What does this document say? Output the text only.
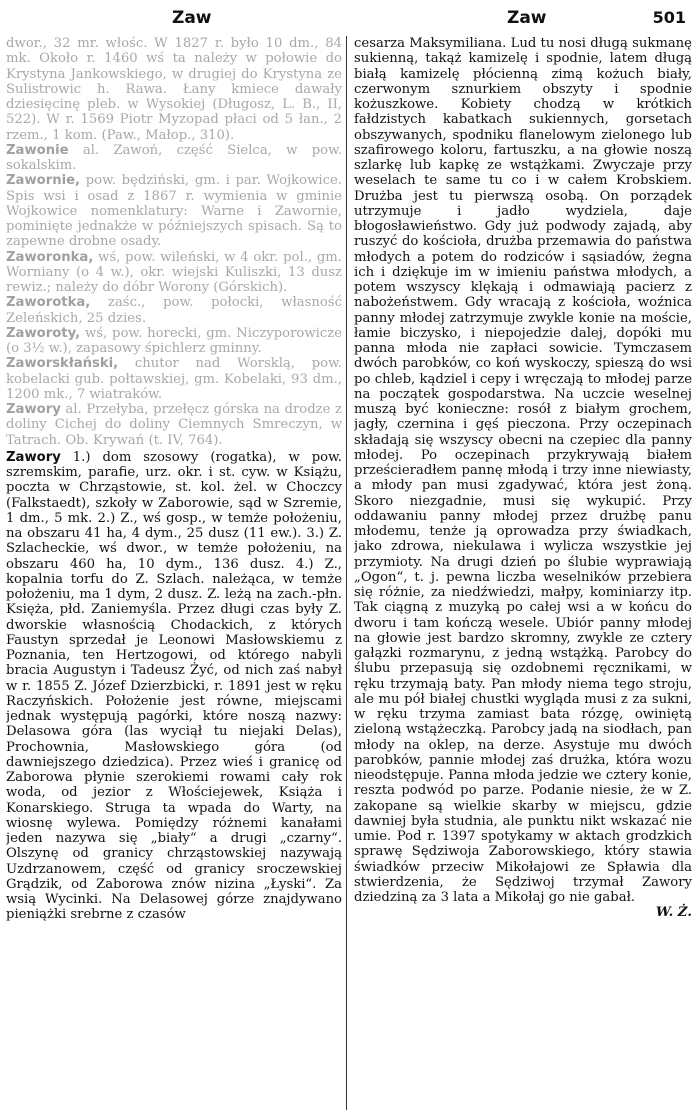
Zaw	Zaw	501

dwor., 32 mr. włośc. W 1827 r. było 10 dm., 84 mk. Około r. 1460 wś ta należy w połowie do Krystyna Jankowskiego, w drugiej do Krystyna ze Sulistrowic h. Rawa. Łany kmiece dawały dziesięcinę pleb. w Wysokiej (Długosz, L. B., II, 522). W r. 1569 Piotr Myzopad płaci od 5 łan., 2 rzem., 1 kom. (Paw., Małop., 310).

Zawonie al. Zawoń, część Sielca, w pow. sokalskim.

Zawornie, pow. będziński, gm. i par. Wojkowice. Spis wsi i osad z 1867 r. wymienia w gminie Wojkowice nomenklatury: Warne i Zawornie, pominięte jednakże w późniejszych spisach. Są to zapewne drobne osady.

Zaworonka, wś, pow. wileński, w 4 okr. pol., gm. Worniany (o 4 w.), okr. wiejski Kuliszki, 13 dusz rewiz.; należy do dóbr Worony (Górskich).

Zaworotka, zaśc., pow. połocki, własność Zeleńskich, 25 dzies.

Zaworoty, wś, pow. horecki, gm. Niczyporowicze (o 3½ w.), zapasowy śpichlerz gminny.

Zaworskłański, chutor nad Worsklą, pow. kobelacki gub. połtawskiej, gm. Kobelaki, 93 dm., 1200 mk., 7 wiatraków.

Zawory al. Przełyba, przełęcz górska na drodze z doliny Cichej do doliny Ciemnych Smreczyn, w Tatrach. Ob. Krywań (t. IV, 764).

Zawory 1.) dom szosowy (rogatka), w pow. szremskim, parafie, urz. okr. i st. cyw. w Książu, poczta w Chrząstowie, st. kol. żel. w Choczcy (Falkstaedt), szkoły w Zaborowie, sąd w Szremie, 1 dm., 5 mk. 2.) Z., wś gosp., w temże położeniu, na obszaru 41 ha, 4 dym., 25 dusz (11 ew.). 3.) Z. Szlacheckie, wś dwor., w temże położeniu, na obszaru 460 ha, 10 dym., 136 dusz. 4.) Z., kopalnia torfu do Z. Szlach. należąca, w temże położeniu, ma 1 dym, 2 dusz. Z. leżą na zach.-płn. Księża, płd. Zaniemyśla. Przez długi czas były Z. dworskie własnością Chodackich, z których Faustyn sprzedał je Leonowi Masłowskiemu z Poznania, ten Hertzogowi, od którego nabyli bracia Augustyn i Tadeusz Żyć, od nich zaś nabył w r. 1855 Z. Józef Dzierzbicki, r. 1891 jest w ręku Raczyńskich. Położenie jest równe, miejscami jednak występują pagórki, które noszą nazwy: Delasowa góra (las wyciął tu niejaki Delas), Prochownia, Masłowskiego góra (od dawniejszego dziedzica). Przez wieś i granicę od Zaborowa płynie szerokiemi rowami cały rok woda, od jezior z Włościejewek, Książa i Konarskiego. Struga ta wpada do Warty, na wiosnę wylewa. Pomiędzy różnemi kanałami jeden nazywa się „biały“ a drugi „czarny“. Olszynę od granicy chrząstowskiej nazywają Uzdrzanowem, część od granicy sroczewskiej Grądzik, od Zaborowa znów nizina „Łyski“. Za wsią Wycinki. Na Delasowej górze znajdywano pieniążki srebrne z czasów

cesarza Maksymiliana. Lud tu nosi długą sukmanę sukienną, takąż kamizelę i spodnie, latem długą białą kamizelę płócienną zimą kożuch biały, czerwonym sznurkiem obszyty i spodnie kożuszkowe. Kobiety chodzą w krótkich fałdzistych kabatkach sukiennych, gorsetach obszywanych, spodniku flanelowym zielonego lub szafirowego koloru, fartuszku, a na głowie noszą szlarkę lub kapkę ze wstążkami. Zwyczaje przy weselach te same tu co i w całem Krobskiem. Drużba jest tu pierwszą osobą. On porządek utrzymuje i jadło wydziela, daje błogosławieństwo. Gdy już podwody zajadą, aby ruszyć do kościoła, drużba przemawia do państwa młodych a potem do rodziców i sąsiadów, żegna ich i dziękuje im w imieniu państwa młodych, a potem wszyscy klękają i odmawiają pacierz z nabożeństwem. Gdy wracają z kościoła, woźnica panny młodej zatrzymuje zwykle konie na moście, łamie biczysko, i niepojedzie dalej, dopóki mu panna młoda nie zapłaci sowicie. Tymczasem dwóch parobków, co koń wyskoczy, spieszą do wsi po chleb, kądziel i cepy i wręczają to młodej parze na początek gospodarstwa. Na uczcie weselnej muszą być konieczne: rosół z białym grochem, jagły, czernina i gęś pieczona. Przy oczepinach składają się wszyscy obecni na czepiec dla panny młodej. Po oczepinach przykrywają białem prześcieradłem pannę młodą i trzy inne niewiasty, a młody pan musi zgadywać, która jest żoną. Skoro niezgadnie, musi się wykupić. Przy oddawaniu panny młodej przez drużbę panu młodemu, tenże ją oprowadza przy świadkach, jako zdrowa, niekulawa i wylicza wszystkie jej przymioty. Na drugi dzień po ślubie wyprawiają „Ogon“, t. j. pewna liczba weselników przebiera się różnie, za niedźwiedzi, małpy, kominiarzy itp. Tak ciągną z muzyką po całej wsi a w końcu do dworu i tam kończą wesele. Ubiór panny młodej na głowie jest bardzo skromny, zwykle ze cztery gałązki rozmarynu, z jedną wstążką. Parobcy do ślubu przepasują się ozdobnemi ręcznikami, w ręku trzymają baty. Pan młody niema tego stroju, ale mu pół białej chustki wygląda musi z za sukni, w ręku trzyma zamiast bata rózgę, owiniętą zieloną wstążeczką. Parobcy jadą na siodłach, pan młody na oklep, na derze. Asystuje mu dwóch parobków, pannie młodej zaś drużka, która wozu nieodstępuje. Panna młoda jedzie we cztery konie, reszta podwód po parze. Podanie niesie, że w Z. zakopane są wielkie skarby w miejscu, gdzie dawniej była studnia, ale punktu nikt wskazać nie umie. Pod r. 1397 spotykamy w aktach grodzkich sprawę Sędziwoja Zaborowskiego, który stawia świadków przeciw Mikołajowi ze Spławia dla stwierdzenia, że Sędziwoj trzymał Zawory dziedziną za 3 lata a Mikołaj go nie gabał.

W. Ż.
